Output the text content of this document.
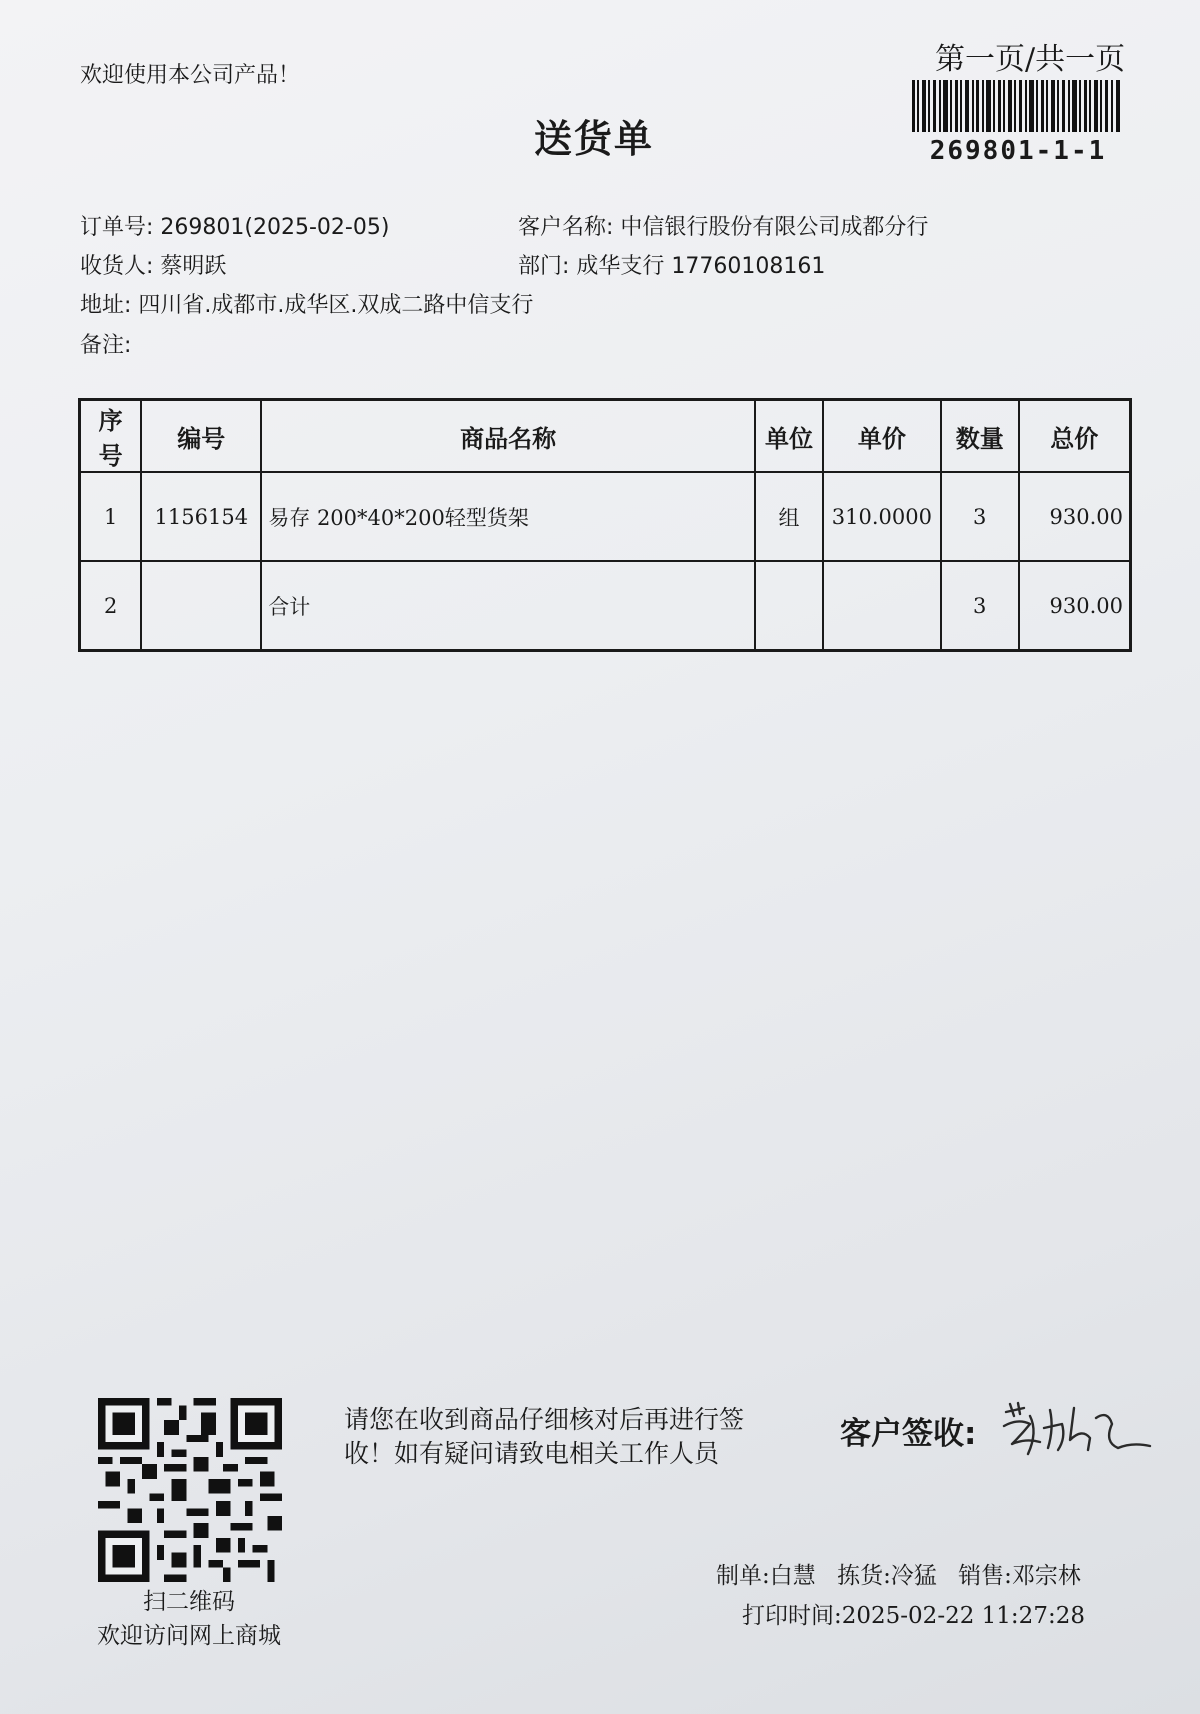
欢迎使用本公司产品！
送货单
第一页/共一页
269801-1-1
订单号: 269801(2025-02-05)	客户名称: 中信银行股份有限公司成都分行
收货人: 蔡明跃	部门: 成华支行 17760108161
地址: 四川省.成都市.成华区.双成二路中信支行
备注:
序号	编号	商品名称	单位	单价	数量	总价
1	1156154	易存 200*40*200轻型货架	组	310.0000	3	930.00
2		合计			3	930.00
扫二维码
欢迎访问网上商城
请您在收到商品仔细核对后再进行签收！如有疑问请致电相关工作人员
客户签收:
制单:白慧 拣货:冷猛 销售:邓宗林
打印时间:2025-02-22 11:27:28
